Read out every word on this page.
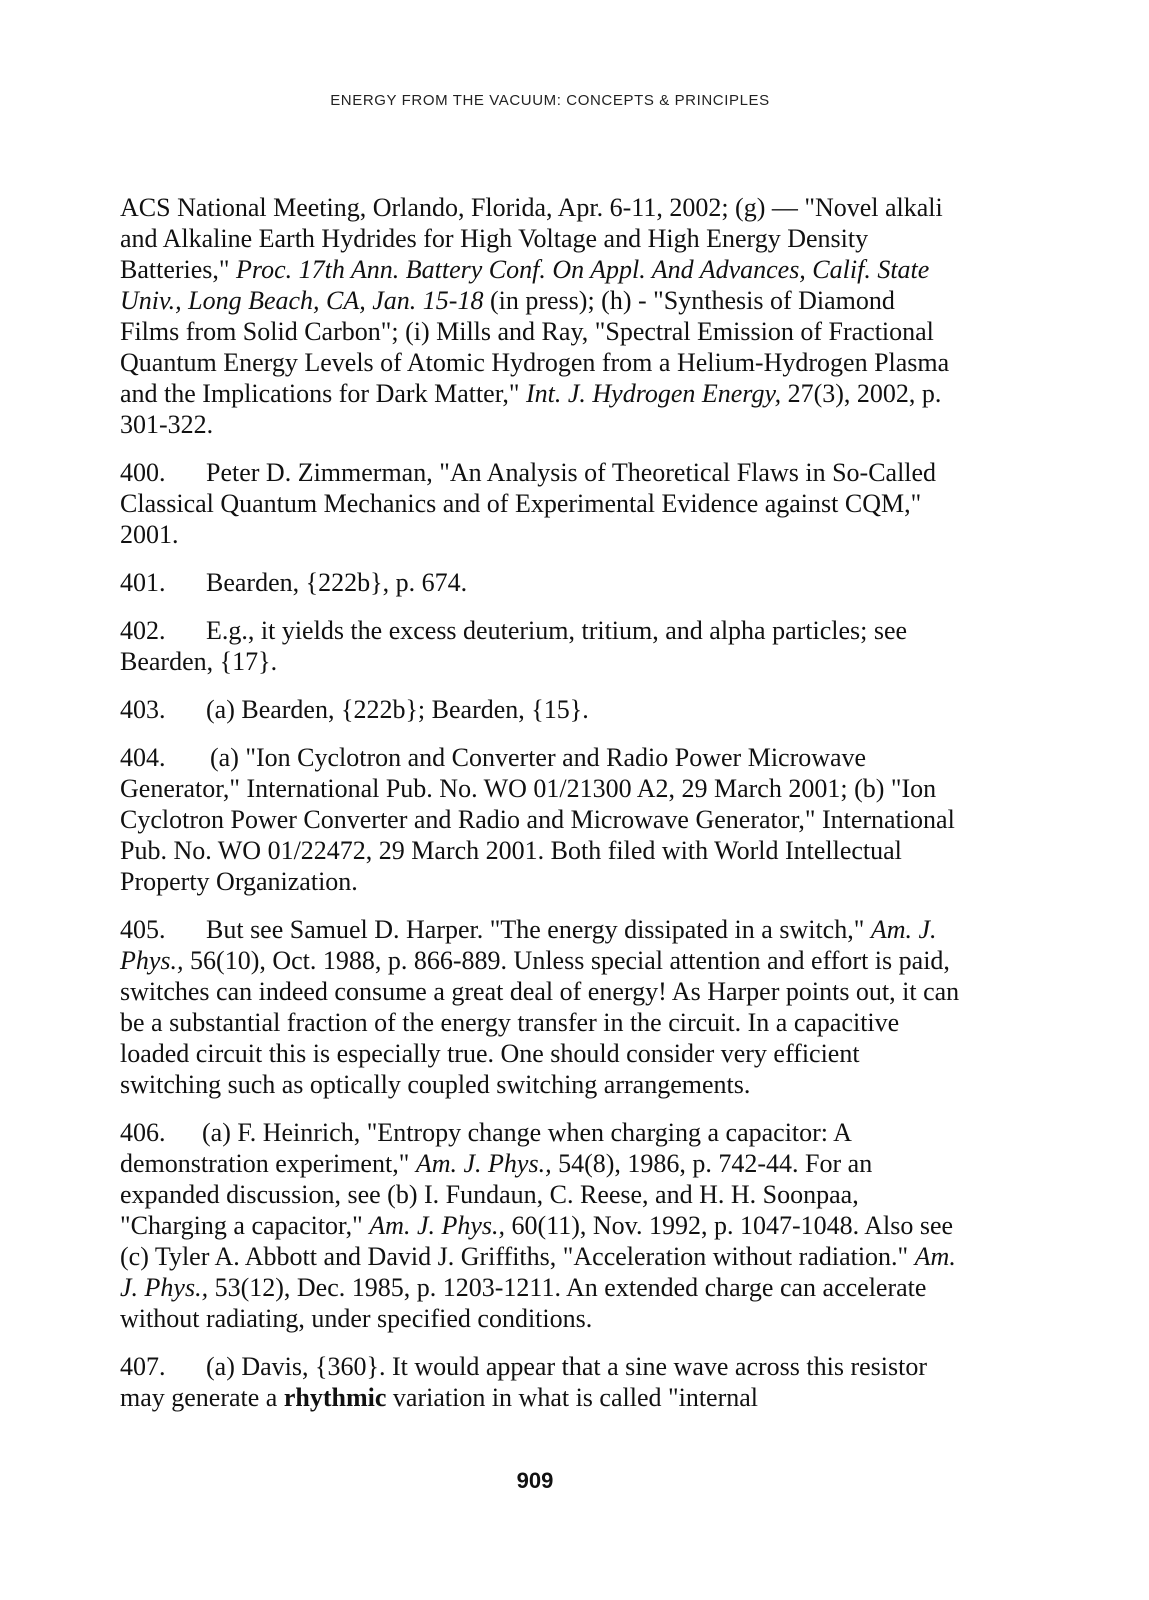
ENERGY FROM THE VACUUM: CONCEPTS & PRINCIPLES

ACS National Meeting, Orlando, Florida, Apr. 6-11, 2002; (g) — "Novel alkali and Alkaline Earth Hydrides for High Voltage and High Energy Density Batteries," Proc. 17th Ann. Battery Conf. On Appl. And Advances, Calif. State Univ., Long Beach, CA, Jan. 15-18 (in press); (h) - "Synthesis of Diamond Films from Solid Carbon"; (i) Mills and Ray, "Spectral Emission of Fractional Quantum Energy Levels of Atomic Hydrogen from a Helium-Hydrogen Plasma and the Implications for Dark Matter," Int. J. Hydrogen Energy, 27(3), 2002, p. 301-322.

400. Peter D. Zimmerman, "An Analysis of Theoretical Flaws in So-Called Classical Quantum Mechanics and of Experimental Evidence against CQM," 2001.

401. Bearden, {222b}, p. 674.

402. E.g., it yields the excess deuterium, tritium, and alpha particles; see Bearden, {17}.

403. (a) Bearden, {222b}; Bearden, {15}.

404. (a) "Ion Cyclotron and Converter and Radio Power Microwave Generator," International Pub. No. WO 01/21300 A2, 29 March 2001; (b) "Ion Cyclotron Power Converter and Radio and Microwave Generator," International Pub. No. WO 01/22472, 29 March 2001. Both filed with World Intellectual Property Organization.

405. But see Samuel D. Harper. "The energy dissipated in a switch," Am. J. Phys., 56(10), Oct. 1988, p. 866-889. Unless special attention and effort is paid, switches can indeed consume a great deal of energy! As Harper points out, it can be a substantial fraction of the energy transfer in the circuit. In a capacitive loaded circuit this is especially true. One should consider very efficient switching such as optically coupled switching arrangements.

406. (a) F. Heinrich, "Entropy change when charging a capacitor: A demonstration experiment," Am. J. Phys., 54(8), 1986, p. 742-44. For an expanded discussion, see (b) I. Fundaun, C. Reese, and H. H. Soonpaa, "Charging a capacitor," Am. J. Phys., 60(11), Nov. 1992, p. 1047-1048. Also see (c) Tyler A. Abbott and David J. Griffiths, "Acceleration without radiation." Am. J. Phys., 53(12), Dec. 1985, p. 1203-1211. An extended charge can accelerate without radiating, under specified conditions.

407. (a) Davis, {360}. It would appear that a sine wave across this resistor may generate a rhythmic variation in what is called "internal

909
